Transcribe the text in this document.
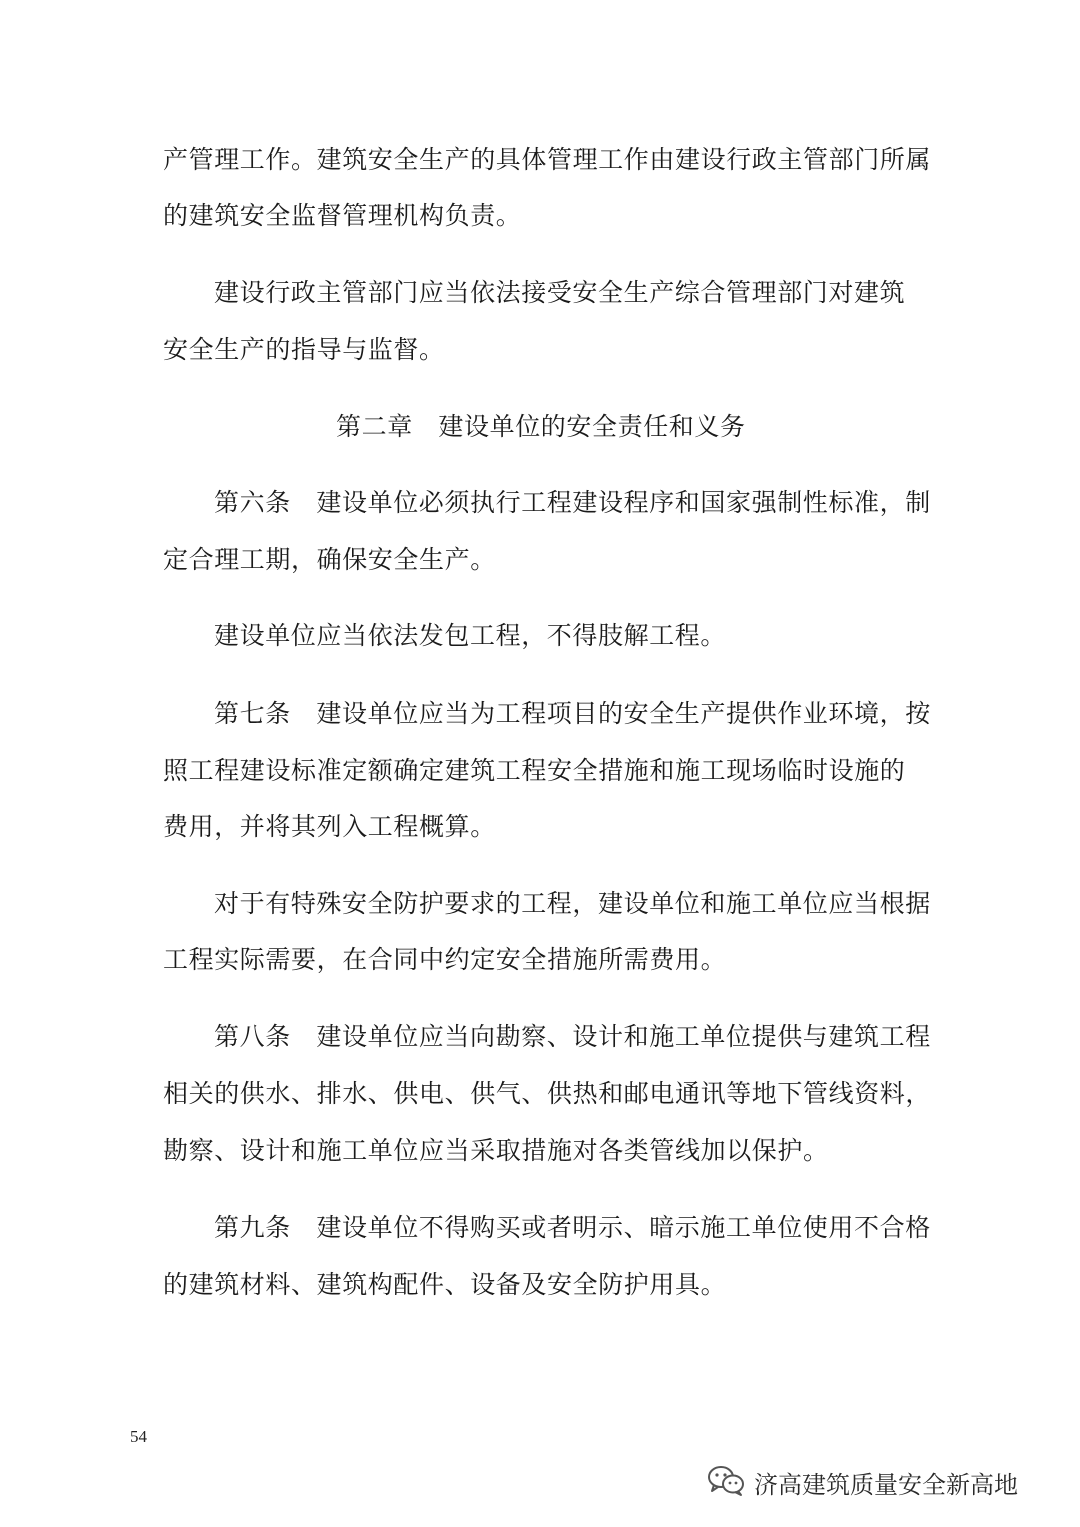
产管理工作。建筑安全生产的具体管理工作由建设行政主管部门所属
的建筑安全监督管理机构负责。
建设行政主管部门应当依法接受安全生产综合管理部门对建筑
安全生产的指导与监督。
第二章　建设单位的安全责任和义务
第六条　建设单位必须执行工程建设程序和国家强制性标准，制
定合理工期，确保安全生产。
建设单位应当依法发包工程，不得肢解工程。
第七条　建设单位应当为工程项目的安全生产提供作业环境，按
照工程建设标准定额确定建筑工程安全措施和施工现场临时设施的
费用，并将其列入工程概算。
对于有特殊安全防护要求的工程，建设单位和施工单位应当根据
工程实际需要，在合同中约定安全措施所需费用。
第八条　建设单位应当向勘察、设计和施工单位提供与建筑工程
相关的供水、排水、供电、供气、供热和邮电通讯等地下管线资料，
勘察、设计和施工单位应当采取措施对各类管线加以保护。
第九条　建设单位不得购买或者明示、暗示施工单位使用不合格
的建筑材料、建筑构配件、设备及安全防护用具。
54
济高建筑质量安全新高地
